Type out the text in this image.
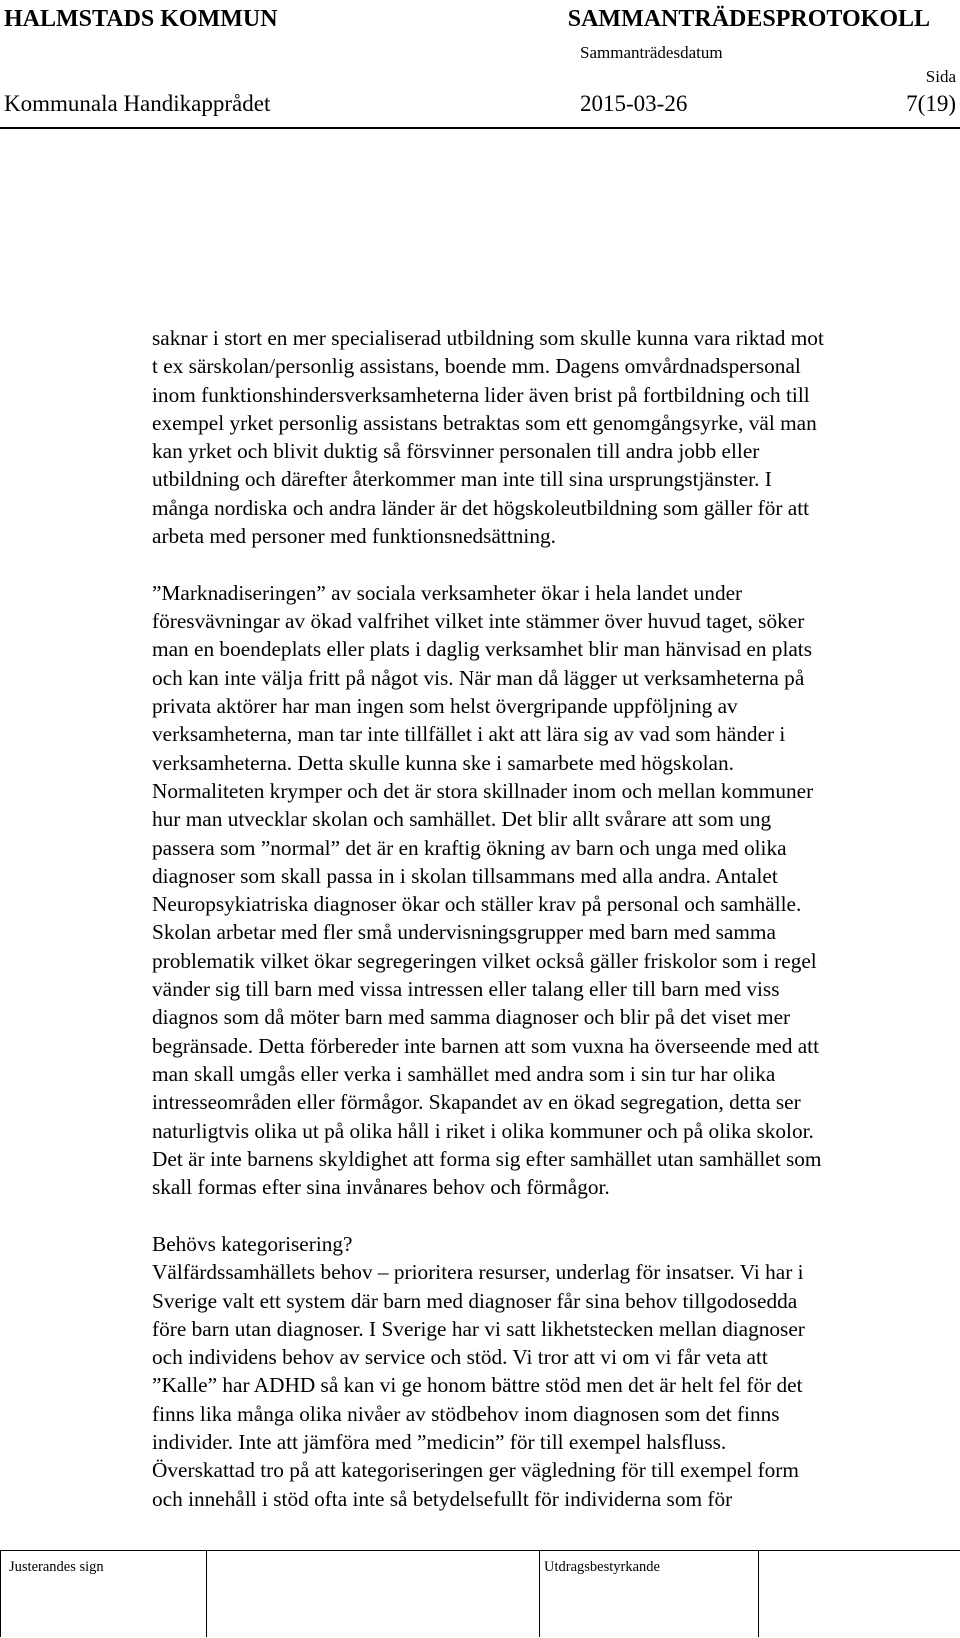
HALMSTADS KOMMUN	SAMMANTRÄDESPROTOKOLL
Sammanträdesdatum
Sida
Kommunala Handikapprådet	2015-03-26	7(19)
saknar i stort en mer specialiserad utbildning som skulle kunna vara riktad mot
t ex särskolan/personlig assistans, boende mm. Dagens omvårdnadspersonal
inom funktionshindersverksamheterna lider även brist på fortbildning och till
exempel yrket personlig assistans betraktas som ett genomgångsyrke, väl man
kan yrket och blivit duktig så försvinner personalen till andra jobb eller
utbildning och därefter återkommer man inte till sina ursprungstjänster. I
många nordiska och andra länder är det högskoleutbildning som gäller för att
arbeta med personer med funktionsnedsättning.
”Marknadiseringen” av sociala verksamheter ökar i hela landet under
föresvävningar av ökad valfrihet vilket inte stämmer över huvud taget, söker
man en boendeplats eller plats i daglig verksamhet blir man hänvisad en plats
och kan inte välja fritt på något vis. När man då lägger ut verksamheterna på
privata aktörer har man ingen som helst övergripande uppföljning av
verksamheterna, man tar inte tillfället i akt att lära sig av vad som händer i
verksamheterna. Detta skulle kunna ske i samarbete med högskolan.
Normaliteten krymper och det är stora skillnader inom och mellan kommuner
hur man utvecklar skolan och samhället. Det blir allt svårare att som ung
passera som ”normal” det är en kraftig ökning av barn och unga med olika
diagnoser som skall passa in i skolan tillsammans med alla andra. Antalet
Neuropsykiatriska diagnoser ökar och ställer krav på personal och samhälle.
Skolan arbetar med fler små undervisningsgrupper med barn med samma
problematik vilket ökar segregeringen vilket också gäller friskolor som i regel
vänder sig till barn med vissa intressen eller talang eller till barn med viss
diagnos som då möter barn med samma diagnoser och blir på det viset mer
begränsade. Detta förbereder inte barnen att som vuxna ha överseende med att
man skall umgås eller verka i samhället med andra som i sin tur har olika
intresseområden eller förmågor. Skapandet av en ökad segregation, detta ser
naturligtvis olika ut på olika håll i riket i olika kommuner och på olika skolor.
Det är inte barnens skyldighet att forma sig efter samhället utan samhället som
skall formas efter sina invånares behov och förmågor.
Behövs kategorisering?
Välfärdssamhällets behov – prioritera resurser, underlag för insatser. Vi har i
Sverige valt ett system där barn med diagnoser får sina behov tillgodosedda
före barn utan diagnoser. I Sverige har vi satt likhetstecken mellan diagnoser
och individens behov av service och stöd. Vi tror att vi om vi får veta att
”Kalle” har ADHD så kan vi ge honom bättre stöd men det är helt fel för det
finns lika många olika nivåer av stödbehov inom diagnosen som det finns
individer. Inte att jämföra med ”medicin” för till exempel halsfluss.
Överskattad tro på att kategoriseringen ger vägledning för till exempel form
och innehåll i stöd ofta inte så betydelsefullt för individerna som för
Justerandes sign	Utdragsbestyrkande
